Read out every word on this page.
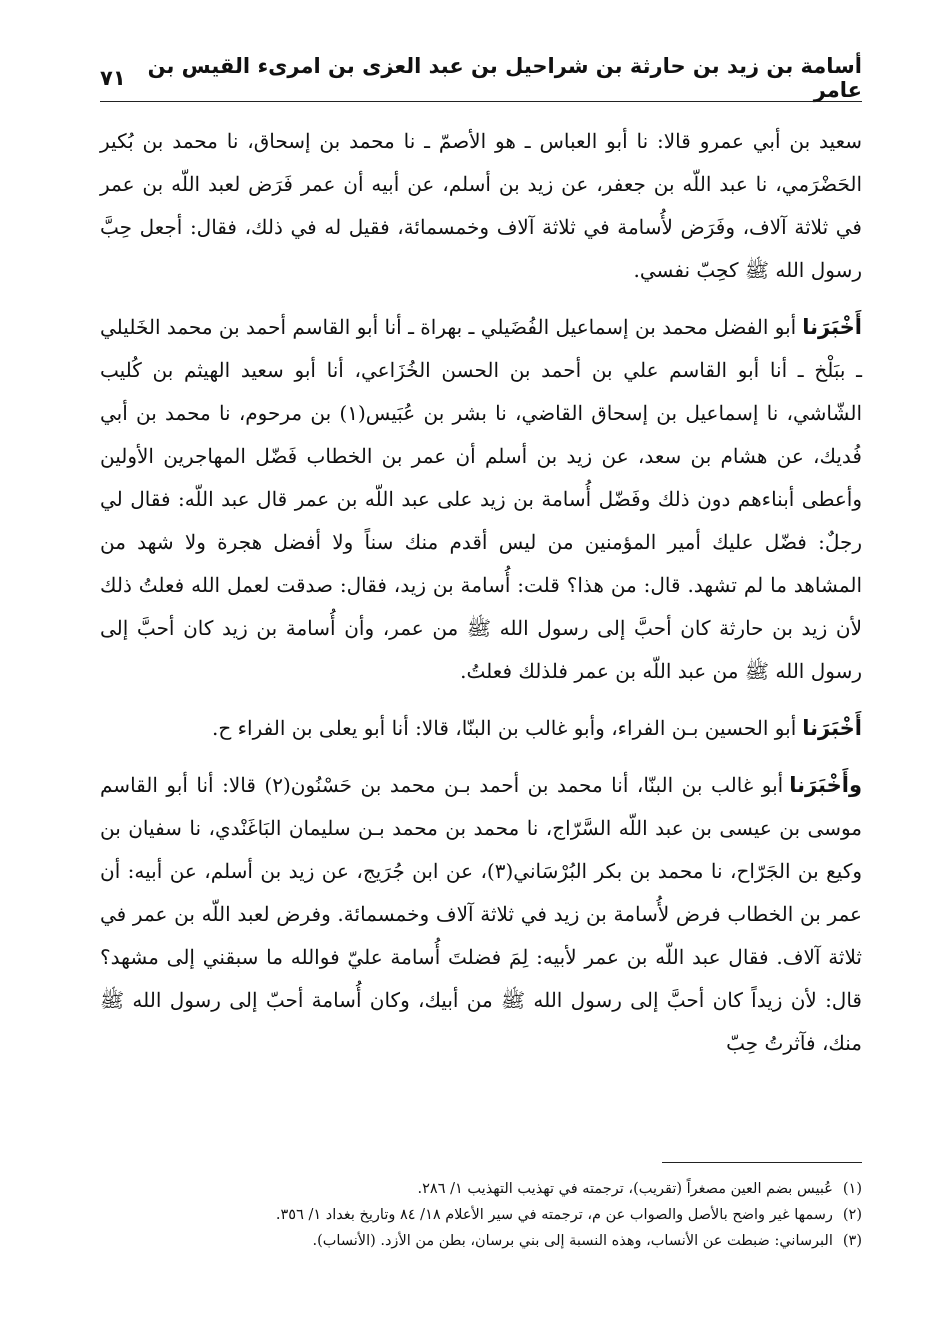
أسامة بن زيد بن حارثة بن شراحيل بن عبد العزى بن امرىء القيس بن عامر
٧١

سعيد بن أبي عمرو قالا: نا أبو العباس ـ هو الأصمّ ـ نا محمد بن إسحاق، نا محمد بن بُكير الحَضْرَمي، نا عبد اللّه بن جعفر، عن زيد بن أسلم، عن أبيه أن عمر فَرَض لعبد اللّه بن عمر في ثلاثة آلاف، وفَرَض لأُسامة في ثلاثة آلاف وخمسمائة، فقيل له في ذلك، فقال: أجعل حِبَّ رسول الله ﷺ كحِبّ نفسي.

أَخْبَرَناأبو الفضل محمد بن إسماعيل الفُضَيلي ـ بهراة ـ أنا أبو القاسم أحمد بن محمد الخَليلي ـ ببَلْخ ـ أنا أبو القاسم علي بن أحمد بن الحسن الخُزَاعي، أنا أبو سعيد الهيثم بن كُليب الشّاشي، نا إسماعيل بن إسحاق القاضي، نا بشر بن عُبَيس(١) بن مرحوم، نا محمد بن أبي فُديك، عن هشام بن سعد، عن زيد بن أسلم أن عمر بن الخطاب فَضّل المهاجرين الأولين وأعطى أبناءهم دون ذلك وفَضّل أُسامة بن زيد على عبد اللّه بن عمر قال عبد اللّه: فقال لي رجلٌ: فضّل عليك أمير المؤمنين من ليس أقدم منك سناً ولا أفضل هجرة ولا شهد من المشاهد ما لم تشهد. قال: من هذا؟ قلت: أُسامة بن زيد، فقال: صدقت لعمل الله فعلتُ ذلك لأن زيد بن حارثة كان أحبَّ إلى رسول الله ﷺ من عمر، وأن أُسامة بن زيد كان أحبَّ إلى رسول الله ﷺ من عبد اللّه بن عمر فلذلك فعلتُ.

أَخْبَرَناأبو الحسين بـن الفراء، وأبو غالب بن البنّا، قالا: أنا أبو يعلى بن الفراء ح.

وأَخْبَرَناأبو غالب بن البنّا، أنا محمد بن أحمد بـن محمد بن حَسْنُون(٢) قالا: أنا أبو القاسم موسى بن عيسى بن عبد اللّه السَّرّاج، نا محمد بن محمد بـن سليمان البَاغَنْدي، نا سفيان بن وكيع بن الجَرّاح، نا محمد بن بكر البُرْسَاني(٣)، عن ابن جُرَيج، عن زيد بن أسلم، عن أبيه: أن عمر بن الخطاب فرض لأُسامة بن زيد في ثلاثة آلاف وخمسمائة. وفرض لعبد اللّه بن عمر في ثلاثة آلاف. فقال عبد اللّه بن عمر لأبيه: لِمَ فضلتَ أُسامة عليّ فوالله ما سبقني إلى مشهد؟ قال: لأن زيداً كان أحبَّ إلى رسول الله ﷺ من أبيك، وكان أُسامة أحبّ إلى رسول الله ﷺ منك، فآثرتُ حِبّ

(١)عُبيس بضم العين مصغراً (تقريب)، ترجمته في تهذيب التهذيب ١/ ٢٨٦.

(٢)رسمها غير واضح بالأصل والصواب عن م، ترجمته في سير الأعلام ١٨/ ٨٤ وتاريخ بغداد ١/ ٣٥٦.

(٣)البرساني: ضبطت عن الأنساب، وهذه النسبة إلى بني برسان، بطن من الأزد. (الأنساب).
